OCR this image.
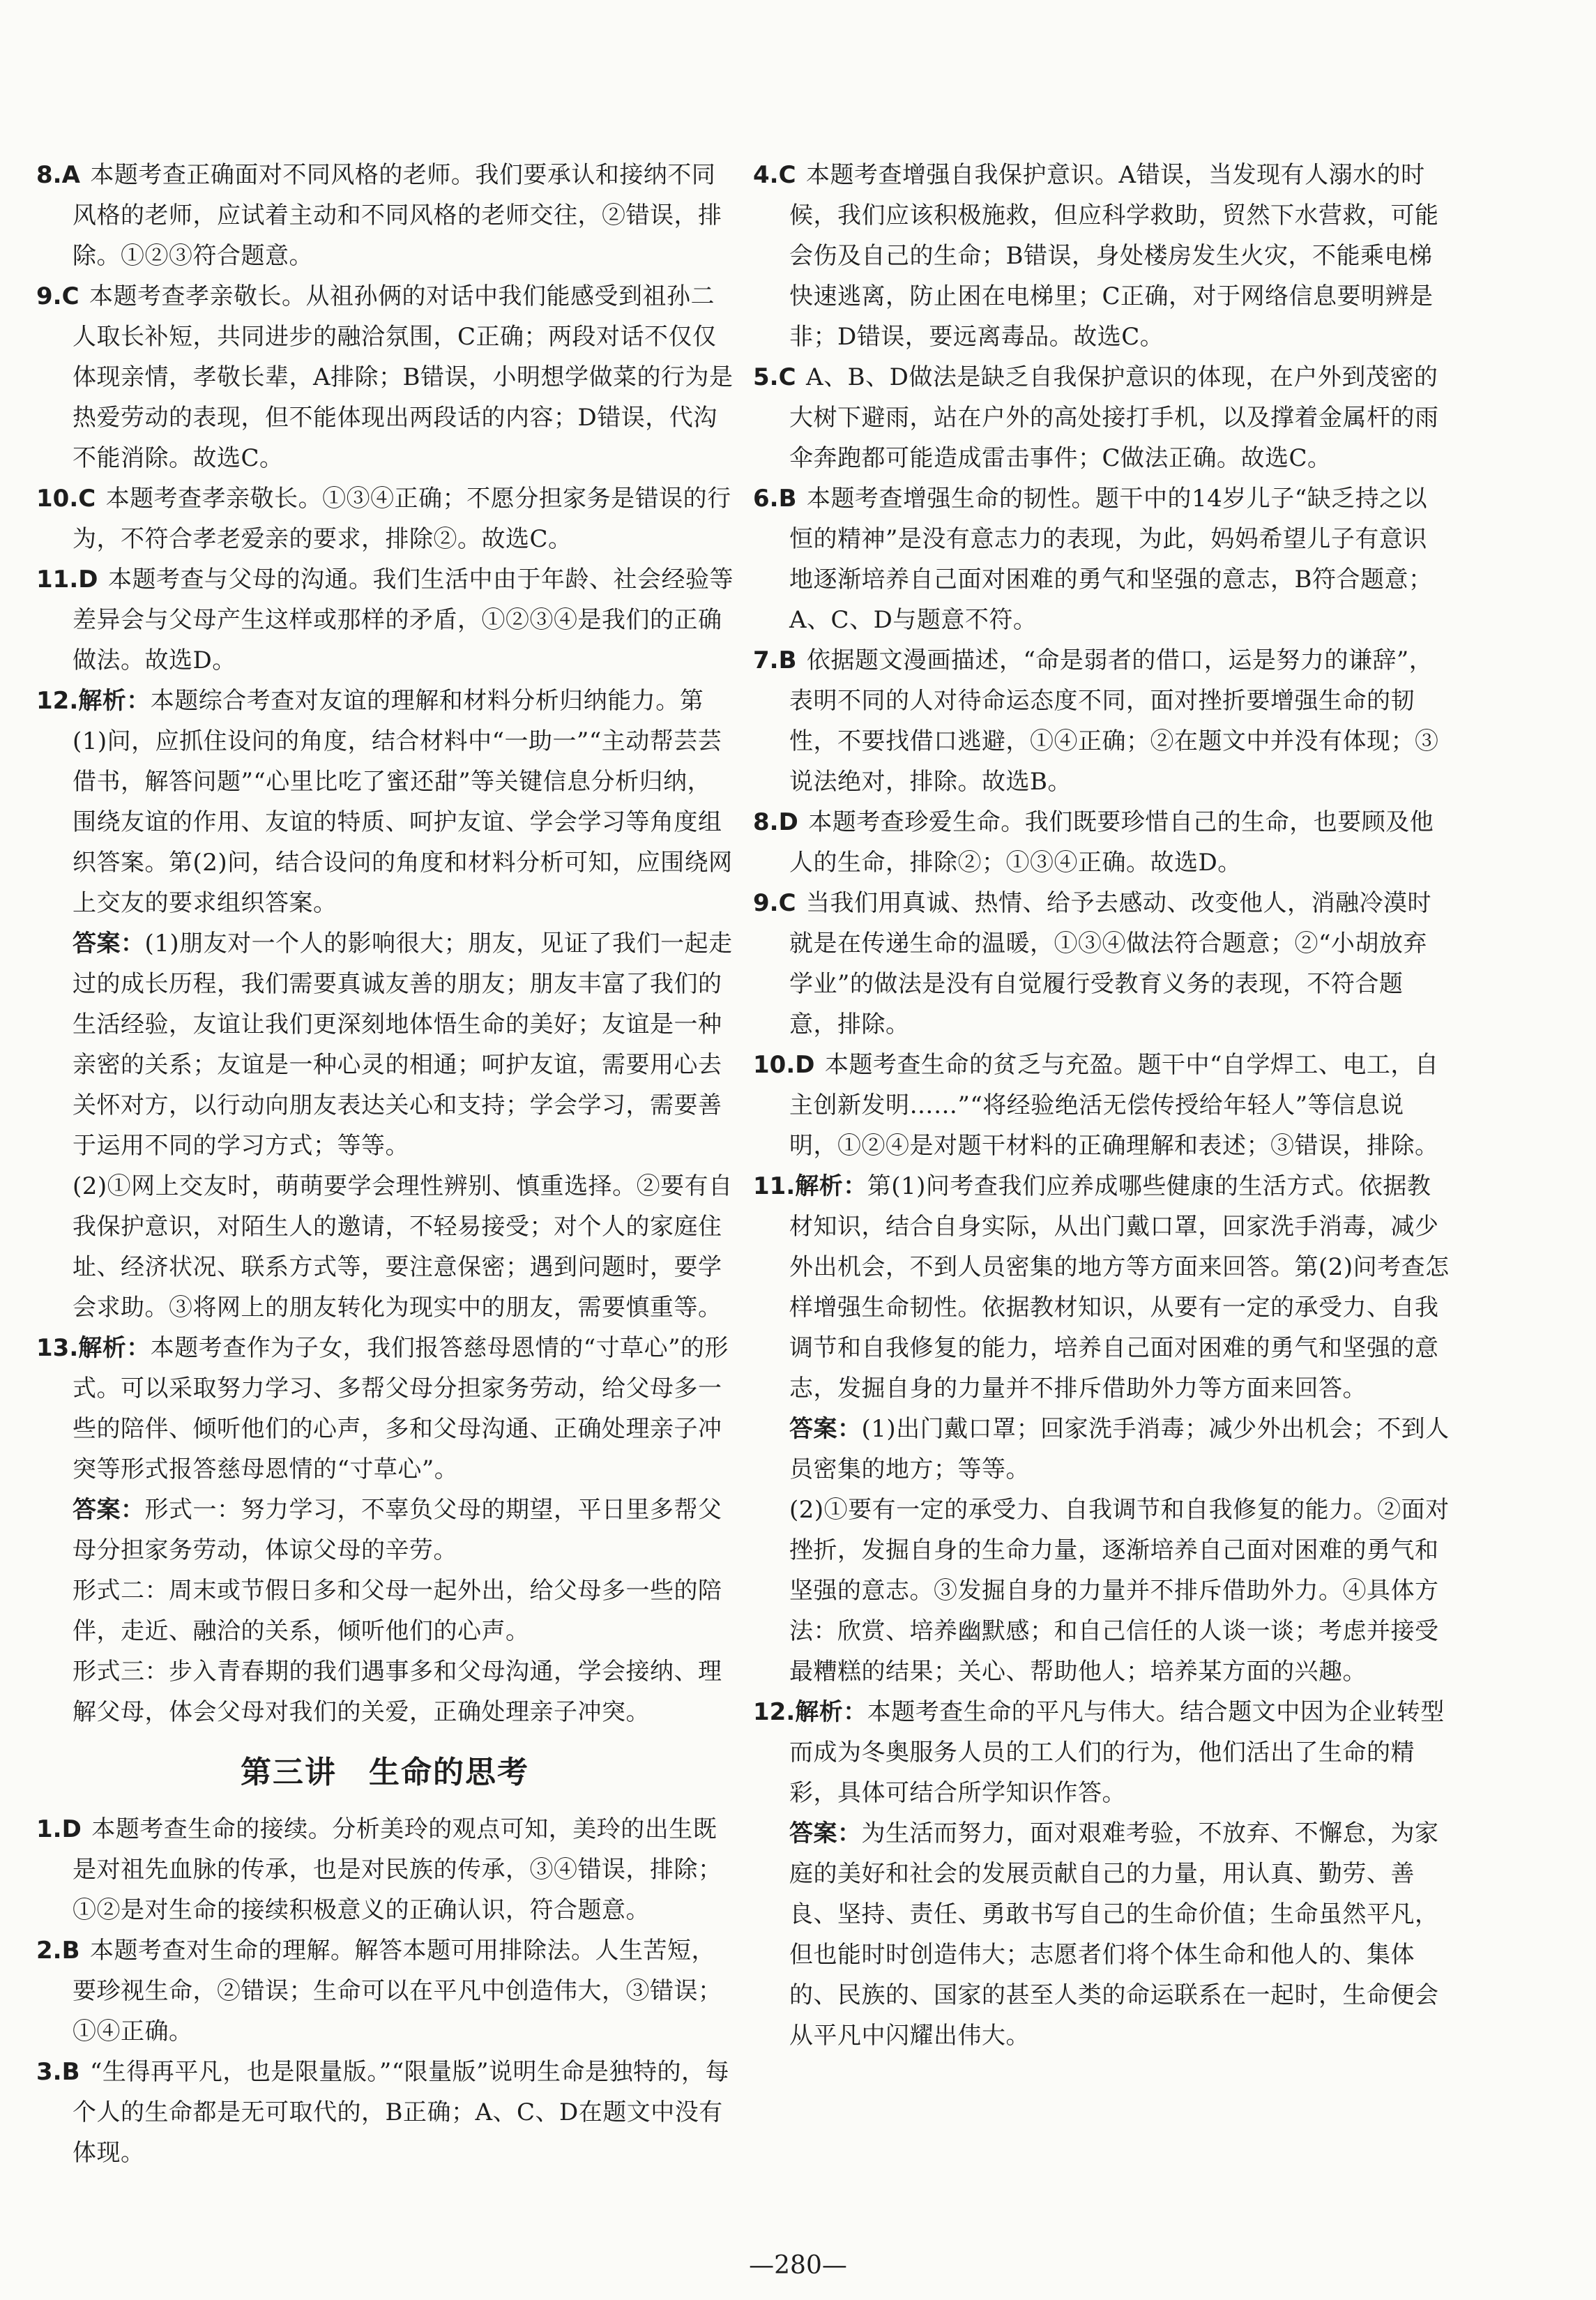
8.A 本题考查正确面对不同风格的老师。我们要承认和接纳不同风格的老师，应试着主动和不同风格的老师交往，②错误，排除。①②③符合题意。

9.C 本题考查孝亲敬长。从祖孙俩的对话中我们能感受到祖孙二人取长补短，共同进步的融洽氛围，C正确；两段对话不仅仅体现亲情，孝敬长辈，A排除；B错误，小明想学做菜的行为是热爱劳动的表现，但不能体现出两段话的内容；D错误，代沟不能消除。故选C。

10.C 本题考查孝亲敬长。①③④正确；不愿分担家务是错误的行为，不符合孝老爱亲的要求，排除②。故选C。

11.D 本题考查与父母的沟通。我们生活中由于年龄、社会经验等差异会与父母产生这样或那样的矛盾，①②③④是我们的正确做法。故选D。

12.解析：本题综合考查对友谊的理解和材料分析归纳能力。第(1)问，应抓住设问的角度，结合材料中“一助一”“主动帮芸芸借书，解答问题”“心里比吃了蜜还甜”等关键信息分析归纳，围绕友谊的作用、友谊的特质、呵护友谊、学会学习等角度组织答案。第(2)问，结合设问的角度和材料分析可知，应围绕网上交友的要求组织答案。

答案：(1)朋友对一个人的影响很大；朋友，见证了我们一起走过的成长历程，我们需要真诚友善的朋友；朋友丰富了我们的生活经验，友谊让我们更深刻地体悟生命的美好；友谊是一种亲密的关系；友谊是一种心灵的相通；呵护友谊，需要用心去关怀对方，以行动向朋友表达关心和支持；学会学习，需要善于运用不同的学习方式；等等。

(2)①网上交友时，萌萌要学会理性辨别、慎重选择。②要有自我保护意识，对陌生人的邀请，不轻易接受；对个人的家庭住址、经济状况、联系方式等，要注意保密；遇到问题时，要学会求助。③将网上的朋友转化为现实中的朋友，需要慎重等。

13.解析：本题考查作为子女，我们报答慈母恩情的“寸草心”的形式。可以采取努力学习、多帮父母分担家务劳动，给父母多一些的陪伴、倾听他们的心声，多和父母沟通、正确处理亲子冲突等形式报答慈母恩情的“寸草心”。

答案：形式一：努力学习，不辜负父母的期望，平日里多帮父母分担家务劳动，体谅父母的辛劳。

形式二：周末或节假日多和父母一起外出，给父母多一些的陪伴，走近、融洽的关系，倾听他们的心声。

形式三：步入青春期的我们遇事多和父母沟通，学会接纳、理解父母，体会父母对我们的关爱，正确处理亲子冲突。

第三讲　生命的思考

1.D 本题考查生命的接续。分析美玲的观点可知，美玲的出生既是对祖先血脉的传承，也是对民族的传承，③④错误，排除；①②是对生命的接续积极意义的正确认识，符合题意。

2.B 本题考查对生命的理解。解答本题可用排除法。人生苦短，要珍视生命，②错误；生命可以在平凡中创造伟大，③错误；①④正确。

3.B “生得再平凡，也是限量版。”“限量版”说明生命是独特的，每个人的生命都是无可取代的，B正确；A、C、D在题文中没有体现。

4.C 本题考查增强自我保护意识。A错误，当发现有人溺水的时候，我们应该积极施救，但应科学救助，贸然下水营救，可能会伤及自己的生命；B错误，身处楼房发生火灾，不能乘电梯快速逃离，防止困在电梯里；C正确，对于网络信息要明辨是非；D错误，要远离毒品。故选C。

5.C A、B、D做法是缺乏自我保护意识的体现，在户外到茂密的大树下避雨，站在户外的高处接打手机，以及撑着金属杆的雨伞奔跑都可能造成雷击事件；C做法正确。故选C。

6.B 本题考查增强生命的韧性。题干中的14岁儿子“缺乏持之以恒的精神”是没有意志力的表现，为此，妈妈希望儿子有意识地逐渐培养自己面对困难的勇气和坚强的意志，B符合题意；A、C、D与题意不符。

7.B 依据题文漫画描述，“命是弱者的借口，运是努力的谦辞”，表明不同的人对待命运态度不同，面对挫折要增强生命的韧性，不要找借口逃避，①④正确；②在题文中并没有体现；③说法绝对，排除。故选B。

8.D 本题考查珍爱生命。我们既要珍惜自己的生命，也要顾及他人的生命，排除②；①③④正确。故选D。

9.C 当我们用真诚、热情、给予去感动、改变他人，消融冷漠时就是在传递生命的温暖，①③④做法符合题意；②“小胡放弃学业”的做法是没有自觉履行受教育义务的表现，不符合题意，排除。

10.D 本题考查生命的贫乏与充盈。题干中“自学焊工、电工，自主创新发明……”“将经验绝活无偿传授给年轻人”等信息说明，①②④是对题干材料的正确理解和表述；③错误，排除。

11.解析：第(1)问考查我们应养成哪些健康的生活方式。依据教材知识，结合自身实际，从出门戴口罩，回家洗手消毒，减少外出机会，不到人员密集的地方等方面来回答。第(2)问考查怎样增强生命韧性。依据教材知识，从要有一定的承受力、自我调节和自我修复的能力，培养自己面对困难的勇气和坚强的意志，发掘自身的力量并不排斥借助外力等方面来回答。

答案：(1)出门戴口罩；回家洗手消毒；减少外出机会；不到人员密集的地方；等等。

(2)①要有一定的承受力、自我调节和自我修复的能力。②面对挫折，发掘自身的生命力量，逐渐培养自己面对困难的勇气和坚强的意志。③发掘自身的力量并不排斥借助外力。④具体方法：欣赏、培养幽默感；和自己信任的人谈一谈；考虑并接受最糟糕的结果；关心、帮助他人；培养某方面的兴趣。

12.解析：本题考查生命的平凡与伟大。结合题文中因为企业转型而成为冬奥服务人员的工人们的行为，他们活出了生命的精彩，具体可结合所学知识作答。

答案：为生活而努力，面对艰难考验，不放弃、不懈怠，为家庭的美好和社会的发展贡献自己的力量，用认真、勤劳、善良、坚持、责任、勇敢书写自己的生命价值；生命虽然平凡，但也能时时创造伟大；志愿者们将个体生命和他人的、集体的、民族的、国家的甚至人类的命运联系在一起时，生命便会从平凡中闪耀出伟大。

—280—
